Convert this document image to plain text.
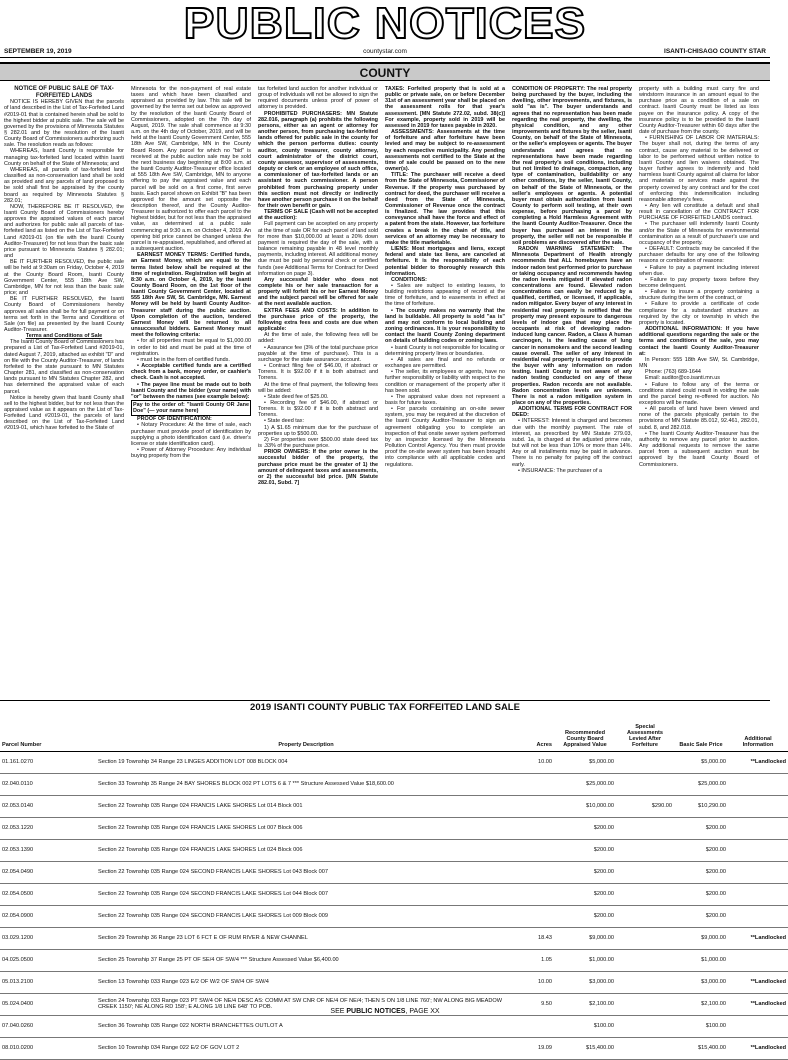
PUBLIC NOTICES
countystar.com
SEPTEMBER 19, 2019	ISANTI-CHISAGO COUNTY STAR
COUNTY

NOTICE OF PUBLIC SALE OF TAX-FORFEITED LANDS

NOTICE IS HEREBY GIVEN that the parcels of land described in the List of Tax-Forfeited Land #2019-01 that is contained herein shall be sold to the highest bidder at public sale. The sale will be governed by the provisions of Minnesota Statutes § 282.01 and by the resolution of the Isanti County Board of Commissioners authorizing such sale. The resolution reads as follows:

WHEREAS, Isanti County is responsible for managing tax-forfeited land located within Isanti County on behalf of the State of Minnesota; and

WHEREAS, all parcels of tax-forfeited land classified as non-conservation land shall be sold as provided and any parcels of land proposed to be sold shall first be appraised by the county board as required by Minnesota Statutes § 282.01;

NOW, THEREFORE BE IT RESOLVED, the Isanti County Board of Commissioners hereby approves the appraised values of each parcel and authorizes for public sale all parcels of tax-forfeited land as listed on the List of Tax-Forfeited Land #2019-01 (on file with the Isanti County Auditor-Treasurer) for not less than the basic sale price pursuant to Minnesota Statutes § 282.01; and

BE IT FURTHER RESOLVED, the public sale will be held at 9:30am on Friday, October 4, 2019 at the County Board Room, Isanti County Government Center, 555 18th Ave SW, Cambridge, MN for not less than the basic sale price; and

BE IT FURTHER RESOLVED, the Isanti County Board of Commissioners hereby approves all sales shall be for full payment or on terms set forth in the Terms and Conditions of Sale (on file) as presented by the Isanti County Auditor-Treasurer.

Terms and Conditions of Sale

The Isanti County Board of Commissioners has prepared a List of Tax-Forfeited Land #2019-01, dated August 7, 2019, attached as exhibit "D" and on file with the County Auditor-Treasurer, of lands forfeited to the state pursuant to MN Statutes Chapter 281, and classified as non-conservation lands pursuant to MN Statutes Chapter 282, and has determined the appraised value of each parcel.

Notice is hereby given that Isanti County shall sell to the highest bidder, but for not less than the appraised value as it appears on the List of Tax-Forfeited Land #2019-01, the parcels of land described on the List of Tax-Forfeited Land #2019-01, which have forfeited to the State of

Minnesota for the non-payment of real estate taxes and which have been classified and appraised as provided by law. This sale will be governed by the terms set out below as approved by the resolution of the Isanti County Board of Commissioners, adopted on the 7th day of August, 2019. The sale shall commence at 9:30 a.m. on the 4th day of October, 2019, and will be held at the Isanti County Government Center, 555 18th Ave SW, Cambridge, MN in the County Board Room. Any parcel for which no "bid" is received at the public auction sale may be sold the next business day beginning at 8:00 a.m. at the Isanti County Auditor-Treasurer office located at 555 18th Ave SW, Cambridge, MN to anyone offering to pay the appraised value and each parcel will be sold on a first come, first serve basis. Each parcel shown on Exhibit "B" has been approved for the amount set opposite the description thereof, and the County Auditor-Treasurer is authorized to offer each parcel to the highest bidder, but for not less than the appraised value, as determined at a public sale commencing at 9:30 a.m. on October 4, 2019. An opening bid price cannot be changed unless the parcel is re-appraised, republished, and offered at a subsequent auction.

EARNEST MONEY TERMS: Certified funds, an Earnest Money, which are equal to the terms listed below shall be required at the time of registration. Registration will begin at 8:30 a.m. on October 4, 2019, by the Isanti County Board Room, on the 1st floor of the Isanti County Government Center, located at 555 18th Ave SW, St. Cambridge, MN. Earnest Money will be held by Isanti County Auditor-Treasurer staff during the public auction. Upon completion of the auction, tendered Earnest Money will be returned to all unsuccessful bidders. Earnest Money must meet the following criteria:

• for all properties must be equal to $1,000.00 in order to bid and must be paid at the time of registration.

• must be in the form of certified funds.

• Acceptable certified funds are a certified check from a bank, money order, or cashier's check. Cash is not accepted.

• The payee line must be made out to both Isanti County and the bidder (your name) with "or" between the names (see example below):

Pay to the order of: "Isanti County OR Jane Doe" (— your name here)

PROOF OF IDENTIFICATION:

• Notary Procedure: At the time of sale, each purchaser must provide proof of identification by supplying a photo identification card (i.e. driver's license or state identification card).

• Power of Attorney Procedure: Any individual buying property from the

tax forfeited land auction for another individual or group of individuals will not be allowed to sign the required documents unless proof of power of attorney is provided.

PROHIBITED PURCHASERS: MN Statute 282.016, paragraph (a) prohibits the following persons, either as an agent or attorney for another person, from purchasing tax-forfeited lands offered for public sale in the county for which the person performs duties: county auditor, county treasurer, county attorney, court administrator of the district court, county assessor, supervisor of assessments, deputy or clerk or an employee of such office, a commissioner of tax-forfeited lands or an assistant to such commissioner. A person prohibited from purchasing property under this section must not directly or indirectly have another person purchase it on the behalf for their own benefit or gain.

TERMS OF SALE (Cash will not be accepted at the auction):

Full payment can be accepted on any property at the time of sale OR for each parcel of land sold for more than $10,000.00 at least a 20% down payment is required the day of the sale, with a balance remaining payable in 48 level monthly payments, including interest. All additional money due must be paid by personal check or certified funds (see Additional Terms for Contract for Deed information on page 3).

Any successful bidder who does not complete his or her sale transaction for a property will forfeit his or her Earnest Money and the subject parcel will be offered for sale at the next available auction.

EXTRA FEES AND COSTS: In addition to the purchase price of the property, the following extra fees and costs are due when applicable:

At the time of sale, the following fees will be added:

• Assurance fee (3% of the total purchase price payable at the time of purchase). This is a surcharge for the state assurance account.

• Contract filing fee of $46.00, if abstract or Torrens. It is $92.00 if it is both abstract and Torrens.

At the time of final payment, the following fees will be added:

• State deed fee of $25.00.

• Recording fee of $46.00, if abstract or Torrens. It is $92.00 if it is both abstract and Torrens.

• State deed tax:

1) A $1.65 minimum due for the purchase of properties up to $500.00.

2) For properties over $500.00 state deed tax is .33% of the purchase price.

PRIOR OWNERS: If the prior owner is the successful bidder of the property, the purchase price must be the greater of 1) the amount of delinquent taxes and assessments, or 2) the successful bid price. [MN Statute 282.01, Subd. 7]

TAXES: Forfeited property that is sold at a public or private sale, on or before December 31st of an assessment year shall be placed on the assessment rolls for that year's assessment. [MN Statute 272.02, subd. 38(c)] For example, property sold in 2019 will be assessed in 2019 for taxes payable in 2020.

ASSESSMENTS: Assessments at the time of forfeiture and after forfeiture have been levied and may be subject to re-assessment by each respective municipality. Any pending assessments not certified to the State at the time of sale could be passed on to the new owner(s).

TITLE: The purchaser will receive a deed from the State of Minnesota, Commissioner of Revenue. If the property was purchased by contract for deed, the purchaser will receive a deed from the State of Minnesota, Commissioner of Revenue once the contract is finalized. The law provides that this conveyance shall have the force and effect of a patent from the state. However, tax forfeiture creates a break in the chain of title, and services of an attorney may be necessary to make the title marketable.

LIENS: Most mortgages and liens, except federal and state tax liens, are canceled at forfeiture. It is the responsibility of each potential bidder to thoroughly research this information.

CONDITIONS:

• Sales are subject to existing leases, to building restrictions appearing of record at the time of forfeiture, and to easements in effect at the time of forfeiture.

• The county makes no warranty that the land is buildable. All property is sold "as is" and may not conform to local building and zoning ordinances. It is your responsibility to contact the Isanti County Zoning department on details of building codes or zoning laws.

• Isanti County is not responsible for locating or determining property lines or boundaries.

• All sales are final and no refunds or exchanges are permitted.

• The seller, its employees or agents, have no further responsibility or liability with respect to the condition or management of the property after it has been sold.

• The appraised value does not represent a basis for future taxes.

• For parcels containing an on-site sewer system, you may be required at the discretion of the Isanti County Auditor-Treasurer to sign an agreement obligating you to complete an inspection of that onsite sewer system performed by an inspector licensed by the Minnesota Pollution Control Agency. You then must provide proof the on-site sewer system has been brought into compliance with all applicable codes and regulations.

CONDITION OF PROPERTY: The real property being purchased by the buyer, including the dwelling, other improvements, and fixtures, is sold "as is". The buyer understands and agrees that no representation has been made regarding the real property, the dwelling, the physical condition, and any other improvements and fixtures by the seller, Isanti County, on behalf of the State of Minnesota, or the seller's employees or agents. The buyer understands and agrees that no representations have been made regarding the real property's soil conditions, including but not limited to drainage, compaction, any type of contamination, buildability or any other conditions, by the seller, Isanti County, on behalf of the State of Minnesota, or the seller's employees or agents. A potential buyer must obtain authorization from Isanti County to perform soil testing, at their own expense, before purchasing a parcel by completing a Hold Harmless Agreement with the Isanti County Auditor-Treasurer. Once the buyer has purchased an interest in the property, the seller will not be responsible if soil problems are discovered after the sale.

RADON WARNING STATEMENT: The Minnesota Department of Health strongly recommends that ALL homebuyers have an indoor radon test performed prior to purchase or taking occupancy and recommends having the radon levels mitigated if elevated radon concentrations are found. Elevated radon concentrations can easily be reduced by a qualified, certified, or licensed, if applicable, radon mitigator. Every buyer of any interest in residential real property is notified that the property may present exposure to dangerous levels of indoor gas that may place the occupants at risk of developing radon-induced lung cancer. Radon, a Class A human carcinogen, is the leading cause of lung cancer in nonsmokers and the second leading cause overall. The seller of any interest in residential real property is required to provide the buyer with any information on radon testing. Isanti County is not aware of any radon testing conducted on any of these properties. Radon records are not available. Radon concentration levels are unknown. There is not a radon mitigation system in place on any of the properties.

ADDITIONAL TERMS FOR CONTRACT FOR DEED:

• INTEREST: Interest is charged and becomes due with the monthly payment. The rate of interest, as prescribed by MN Statute 279.03, subd. 1a, is charged at the adjusted prime rate, but will not be less than 10% or more than 14%. Any or all installments may be paid in advance. There is no penalty for paying off the contract early.

• INSURANCE: The purchaser of a

property with a building must carry fire and windstorm insurance in an amount equal to the purchase price as a condition of a sale on contract. Isanti County must be listed as loss payee on the insurance policy. A copy of the insurance policy is to be provided to the Isanti County Auditor-Treasurer within 60 days after the date of purchase from the county.

• FURNISHING OF LABOR OR MATERIALS: The buyer shall not, during the terms of any contract, cause any material to be delivered or labor to be performed without written notice to Isanti County and lien waivers obtained. The buyer further agrees to indemnify and hold harmless Isanti County against all claims for labor and materials or services made against the property covered by any contract and for the cost of enforcing this indemnification including reasonable attorney's fees.

• Any lien will constitute a default and shall result in cancellation of the CONTRACT FOR PURCHASE OF FORFEITED LANDS contract.

• The purchaser will indemnify Isanti County and/or the State of Minnesota for environmental contamination as a result of purchaser's use and occupancy of the property.

• DEFAULT: Contracts may be canceled if the purchaser defaults for any one of the following reasons or combination of reasons:

• Failure to pay a payment including interest when due.

• Failure to pay property taxes before they become delinquent.

• Failure to insure a property containing a structure during the term of the contract, or

• Failure to provide a certificate of code compliance for a substandard structure as required by the city or township in which the property is located.

ADDITIONAL INFORMATION: If you have additional questions regarding the sale or the terms and conditions of the sale, you may contact the Isanti County Auditor-Treasurer at:

In Person: 555 18th Ave SW, St. Cambridge, MN

Phone: (763) 689-1644

Email: auditor@co.isanti.mn.us

• Failure to follow any of the terms or conditions stated could result in voiding the sale and the parcel being re-offered for auction. No exceptions will be made.

• All parcels of land have been viewed and none of the parcels physically pertain to the provisions of MN Statute 85.012, 92.461, 282.01, subd. 8, and 282.018.

• The Isanti County Auditor-Treasurer has the authority to remove any parcel prior to auction. Any additional requests to remove the same parcel from a subsequent auction must be approved by the Isanti County Board of Commissioners.

2019 ISANTI COUNTY PUBLIC TAX FORFEITED LAND SALE
Parcel Number	Property Description	Acres	Recommended County Board Appraised Value	Special Assessments Levied After Forfeiture	Basic Sale Price	Additional Information
01.161.0270	Section 19 Township 34 Range 23 LINGES ADDITION LOT 008 BLOCK 004	10.00	$5,000.00		$5,000.00	**Landlocked
02.040.0110	Section 33 Township 35 Range 24 BAY SHORES BLOCK 002 PT LOTS 6 & 7 *** Structure Assessed Value $18,600.00		$25,000.00		$25,000.00	
02.053.0140	Section 22 Township 035 Range 024 FRANCIS LAKE SHORES Lot 014 Block 001		$10,000.00	$290.00	$10,290.00	
02.053.1220	Section 22 Township 035 Range 024 FRANCIS LAKE SHORES Lot 007 Block 006		$200.00		$200.00	
02.053.1390	Section 22 Township 035 Range 024 FRANCIS LAKE SHORES Lot 024 Block 006		$200.00		$200.00	
02.054.0490	Section 22 Township 035 Range 024 SECOND FRANCIS LAKE SHORES Lot 043 Block 007		$200.00		$200.00	
02.054.0500	Section 22 Township 035 Range 024 SECOND FRANCIS LAKE SHORES Lot 044 Block 007		$200.00		$200.00	
02.054.0900	Section 22 Township 035 Range 024 SECOND FRANCIS LAKE SHORES Lot 009 Block 009		$200.00		$200.00	
03.029.1200	Section 29 Township 36 Range 23 LOT 6 FCT E OF RUM RIVER & NEW CHANNEL	18.43	$9,000.00		$9,000.00	**Landlocked
04.025.0500	Section 25 Township 37 Range 25 PT OF SE/4 OF SW/4 *** Structure Assessed Value $6,400.00	1.05	$1,000.00		$1,000.00	
05.013.2100	Section 13 Township 033 Range 023 E/2 OF W/2 OF SW/4 OF SW/4	10.00	$3,000.00		$3,000.00	**Landlocked
05.024.0400	Section 24 Township 033 Range 023 PT SW/4 OF NE/4 DESC AS: COMM AT SW CNR OF NE/4 OF NE/4; THEN S ON 1/8 LINE 760'; NW ALONG BIG MEADOW CREEK 1150'; NE ALONG RD 158'; E ALONG 1/8 LINE 648' TO POB.	9.50	$2,100.00		$2,100.00	**Landlocked
07.040.0260	Section 36 Township 035 Range 022 NORTH BRANCHETTES OUTLOT A		$100.00		$100.00	
08.010.0200	Section 10 Township 034 Range 022 E/2 OF GOV LOT 2	19.09	$15,400.00		$15,400.00	**Landlocked
SEE PUBLIC NOTICES, PAGE XX
